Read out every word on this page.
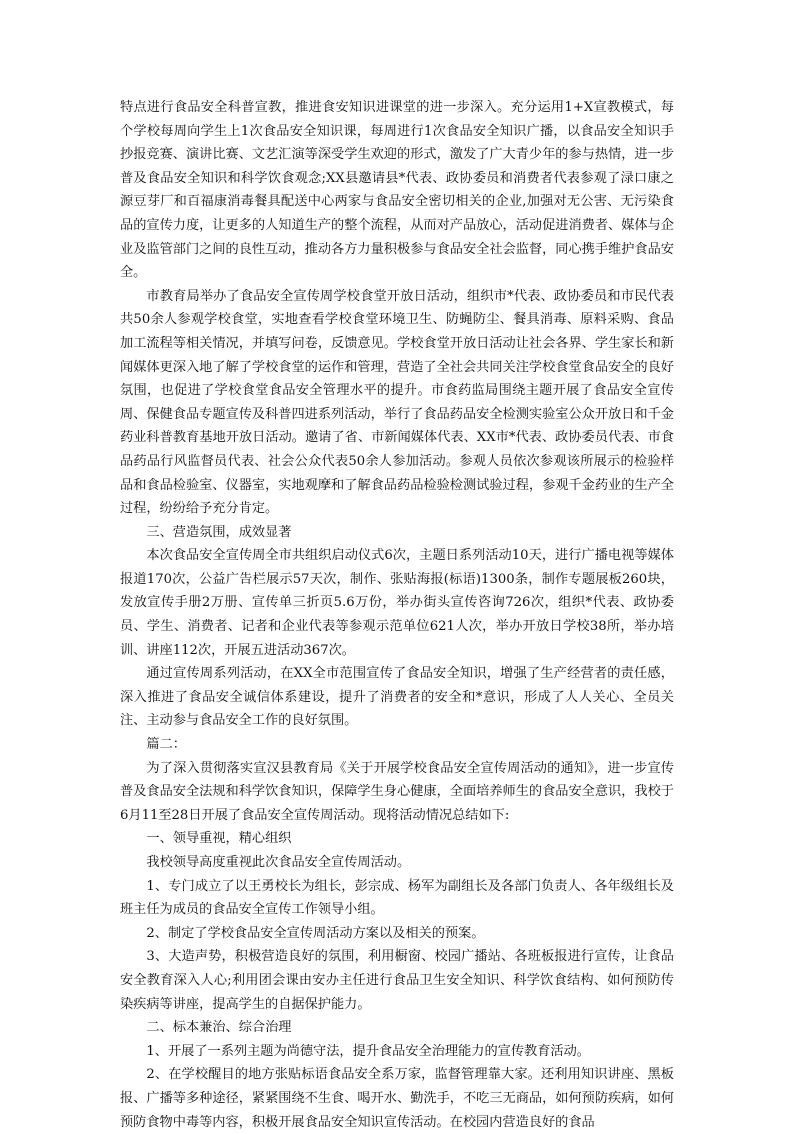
特点进行食品安全科普宣教，推进食安知识进课堂的进一步深入。充分运用1+X宣教模式，每个学校每周向学生上1次食品安全知识课，每周进行1次食品安全知识广播，以食品安全知识手抄报竞赛、演讲比赛、文艺汇演等深受学生欢迎的形式，激发了广大青少年的参与热情，进一步普及食品安全知识和科学饮食观念;XX县邀请县*代表、政协委员和消费者代表参观了渌口康之源豆芽厂和百福康消毒餐具配送中心两家与食品安全密切相关的企业,加强对无公害、无污染食品的宣传力度，让更多的人知道生产的整个流程，从而对产品放心，活动促进消费者、媒体与企业及监管部门之间的良性互动，推动各方力量积极参与食品安全社会监督，同心携手维护食品安全。

市教育局举办了食品安全宣传周学校食堂开放日活动，组织市*代表、政协委员和市民代表共50余人参观学校食堂，实地查看学校食堂环境卫生、防蝇防尘、餐具消毒、原料采购、食品加工流程等相关情况，并填写问卷，反馈意见。学校食堂开放日活动让社会各界、学生家长和新闻媒体更深入地了解了学校食堂的运作和管理，营造了全社会共同关注学校食堂食品安全的良好氛围，也促进了学校食堂食品安全管理水平的提升。市食药监局围绕主题开展了食品安全宣传周、保健食品专题宣传及科普四进系列活动，举行了食品药品安全检测实验室公众开放日和千金药业科普教育基地开放日活动。邀请了省、市新闻媒体代表、XX市*代表、政协委员代表、市食品药品行风监督员代表、社会公众代表50余人参加活动。参观人员依次参观该所展示的检验样品和食品检验室、仪器室，实地观摩和了解食品药品检验检测试验过程，参观千金药业的生产全过程，纷纷给予充分肯定。

三、营造氛围，成效显著

本次食品安全宣传周全市共组织启动仪式6次，主题日系列活动10天，进行广播电视等媒体报道170次，公益广告栏展示57天次，制作、张贴海报(标语)1300条，制作专题展板260块，发放宣传手册2万册、宣传单三折页5.6万份，举办街头宣传咨询726次，组织*代表、政协委员、学生、消费者、记者和企业代表等参观示范单位621人次，举办开放日学校38所，举办培训、讲座112次，开展五进活动367次。

通过宣传周系列活动，在XX全市范围宣传了食品安全知识，增强了生产经营者的责任感，深入推进了食品安全诚信体系建设，提升了消费者的安全和*意识，形成了人人关心、全员关注、主动参与食品安全工作的良好氛围。

篇二：

为了深入贯彻落实宣汉县教育局《关于开展学校食品安全宣传周活动的通知》，进一步宣传普及食品安全法规和科学饮食知识，保障学生身心健康，全面培养师生的食品安全意识，我校于6月11至28日开展了食品安全宣传周活动。现将活动情况总结如下:

一、领导重视，精心组织

我校领导高度重视此次食品安全宣传周活动。

1、专门成立了以王勇校长为组长，彭宗成、杨军为副组长及各部门负责人、各年级组长及班主任为成员的食品安全宣传工作领导小组。

2、制定了学校食品安全宣传周活动方案以及相关的预案。

3、大造声势，积极营造良好的氛围，利用橱窗、校园广播站、各班板报进行宣传，让食品安全教育深入人心;利用团会课由安办主任进行食品卫生安全知识、科学饮食结构、如何预防传染疾病等讲座，提高学生的自据保护能力。

二、标本兼治、综合治理

1、开展了一系列主题为尚德守法，提升食品安全治理能力的宣传教育活动。

2、在学校醒目的地方张贴标语食品安全系万家，监督管理靠大家。还利用知识讲座、黑板报、广播等多种途径，紧紧围绕不生食、喝开水、勤洗手，不吃三无商品，如何预防疾病，如何预防食物中毒等内容，积极开展食品安全知识宣传活动。在校园内营造良好的食品
